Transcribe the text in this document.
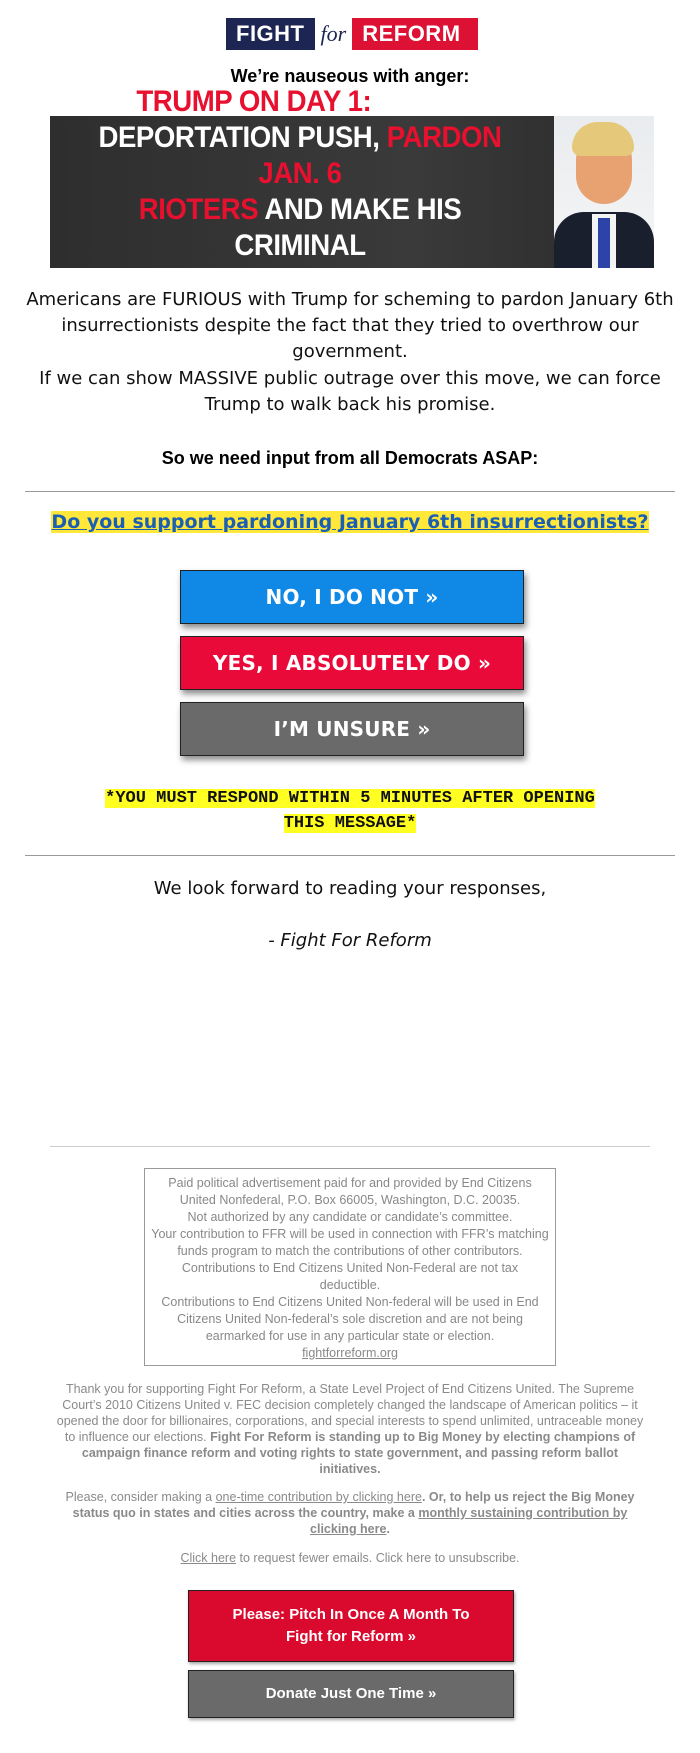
FIGHT for REFORM
We’re nauseous with anger:
TRUMP ON DAY 1: BEGIN
DEPORTATION PUSH, PARDON JAN. 6
RIOTERS AND MAKE HIS CRIMINAL
CASES VANISH
Americans are FURIOUS with Trump for scheming to pardon January 6th insurrectionists despite the fact that they tried to overthrow our government.
If we can show MASSIVE public outrage over this move, we can force Trump to walk back his promise.
So we need input from all Democrats ASAP:
Do you support pardoning January 6th insurrectionists?
NO, I DO NOT »
YES, I ABSOLUTELY DO »
I’M UNSURE »
*YOU MUST RESPOND WITHIN 5 MINUTES AFTER OPENING
THIS MESSAGE*
We look forward to reading your responses,
- Fight For Reform

Paid political advertisement paid for and provided by End Citizens United Nonfederal, P.O. Box 66005, Washington, D.C. 20035.

Not authorized by any candidate or candidate’s committee.

Your contribution to FFR will be used in connection with FFR’s matching funds program to match the contributions of other contributors. Contributions to End Citizens United Non-Federal are not tax deductible.

Contributions to End Citizens United Non-federal will be used in End Citizens United Non-federal’s sole discretion and are not being earmarked for use in any particular state or election.

fightforreform.org

Thank you for supporting Fight For Reform, a State Level Project of End Citizens United. The Supreme Court’s 2010 Citizens United v. FEC decision completely changed the landscape of American politics – it opened the door for billionaires, corporations, and special interests to spend unlimited, untraceable money to influence our elections. Fight For Reform is standing up to Big Money by electing champions of campaign finance reform and voting rights to state government, and passing reform ballot initiatives.
Please, consider making a one-time contribution by clicking here. Or, to help us reject the Big Money status quo in states and cities across the country, make a monthly sustaining contribution by clicking here.
Click here to request fewer emails. Click here to unsubscribe.
Please: Pitch In Once A Month To Fight for Reform »
Donate Just One Time »
